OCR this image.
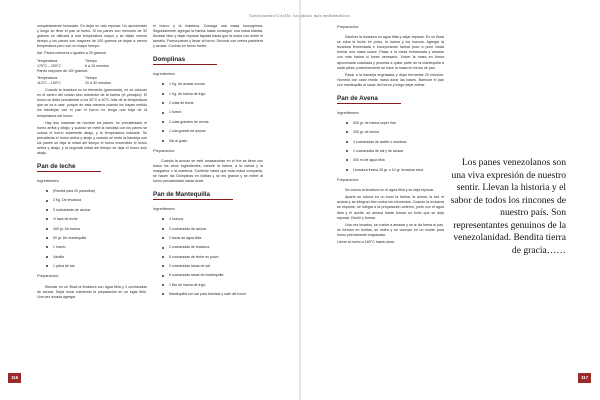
Gastronomía Criolla: los platos más emblemáticos

completamente horneado. En dejar un rato reposar. Un aproximado y luego se lleve el pan al horno. Si los panes son menores de 30 gramos se utilizará a una temperatura mayor y se dejan menos tiempo y los panes son mayores de 100 gramos se dejan a menor temperatura pero con un mayor tiempo.

Así: Panes menores o iguales a 30 gramos:

Temperatura	Tiempo
175°C – 200°C	6 a 15 minutos.

Panes mayores de 100 gramos:

Temperatura	Tiempo
110°C – 150°C	20 a 30 minutos.

Cuando la levadura no se fermenta (granulada), no se colocan en el centro del volcán sino alrededor de la harina (el principio). El horno se debe precalentar a los 30°C a 40°C más de la temperatura que se va a usar, porque de esta manera cuando los hayan metido los bandejas con el pan el horno no tenga una baja de la temperatura del horno.

Hay dos maneras de hornear los panes: he precalentado el horno arriba y abajo, y cuando se mete la bandeja con los panes se coloca el horno solamente abajo, y la temperatura indicada. Se precalienta el horno arriba y abajo y cuando se mete la bandeja con los panes se deja la mitad del tiempo el horno encendido el horno arriba y abajo, y la segunda mitad del tiempo se deja el horno solo abajo.

Pan de leche
Ingredientes:
(Receta para 20 panecitos)
3 Kg. De levadura
5 cucharadas de azúcar
½ taza de leche
400 gr. De harina
50 gr. De mantequilla
1 huevo
Vainilla
1 pizca de sal
Preparación:

Mezclar en un Bowl la levadura con agua tibia y 2 cucharadas de azúcar. Dejar leuar cubriendo la preparación en un lugar tibio. Una vez leuada agregar

el huevo y la manteca. Consiga una masa homogénea. Seguidamente agregar la harina hasta conseguir una masa blanda. Amasar bien y dejar reposar tapada hasta que la masa con doble el tamaño. Forma panes y llevar al horno. Decorar con crema pastelera y azúcar. Cocinar en horno fuerte.

Domplinas
Ingredientes:
1 Kg. de azúcar cocina
1 Kg. de harina de trigo
2 cdas de leche
1 huevo
2 cdas grandes de crema
1 cda grande de azúcar
Sal al gusto
Preparación:

Cuando la azúcar se esté amasándose en el fríe se tiene con todos los otros ingredientes, mezcle la harina, a la crema y la margarina o la manteca. Continúe hasta que esta masa compacta, se hacen las Domplinas en bolitas y se les gravan y se meter al horno precalentado hasta dorar.

Pan de Mantequilla
Ingredientes:
4 huevos
3 cucharadas de azúcar
2 tazas de agua tibia
2 cucharadas de levadura
5 cucharadas de leche en polvo
2 cucharadas rasas de sal
6 cucharadas rasas de mantequilla
1 kilo de harina de trigo
Mantequilla con sal para barnizar y salir del horno
Preparación:

Disolver la levadura en agua tibia y dejar reposar. En un Bowl se echa la leche en polvo, la harina y los huevos. Agregar la levadura fermentada e incorporando harina poco a poco hasta formar una masa suave. Pasar a la mesa enharinada y amasar con más harina si fuese necesario. Volver la masa en forma aproximada cuadrada y proceda a quitar parte de la mantequilla a cada pieza, posteriormente se hace la masa en forma de pan.

Pasar a la bandeja engrasada y dejar fermentar 20 minutos. Hornear con calor medio hasta dorar las bases. Barnizar el pan con mantequilla al sacar del horno y luego dejar enfriar.

Pan de Avena
Ingredientes:
500 gr. de harina super fina
200 gr. de avena
4 cucharadas de aceite o manteca
1 cucharadita de sal y de azúcar
300 ml de agua tibia
Levadura fresca 25 gr. o 10 gr. levadura seca
Preparación:

Se coloca la levadura en el agua tibia y se deja reposar.

Aparte se coloca en un bowl la harina, la avena, la sal, el azúcar y se integran bien todos los elementos. Cuando la levadura se espume, se integra a la preparación anterior, junto con el agua tibia y el aceite, se amasa hasta formar un bollo que se deja reposar. Dividir y formar.

Una vez leuados, se vuelve a amasar y se le da forma al pan, se forman en bolitas, se estira y se colocan en un molde para horno previamente engrasado.

Llevar al horno a 180°C hasta dorar.

Los panes venezolanos son una viva expresión de nuestro sentir. Llevan la historia y el sabor de todos los rincones de nuestro país. Son representantes genuinos de la venezolanidad. Bendita tierra de gracia……
116	117
